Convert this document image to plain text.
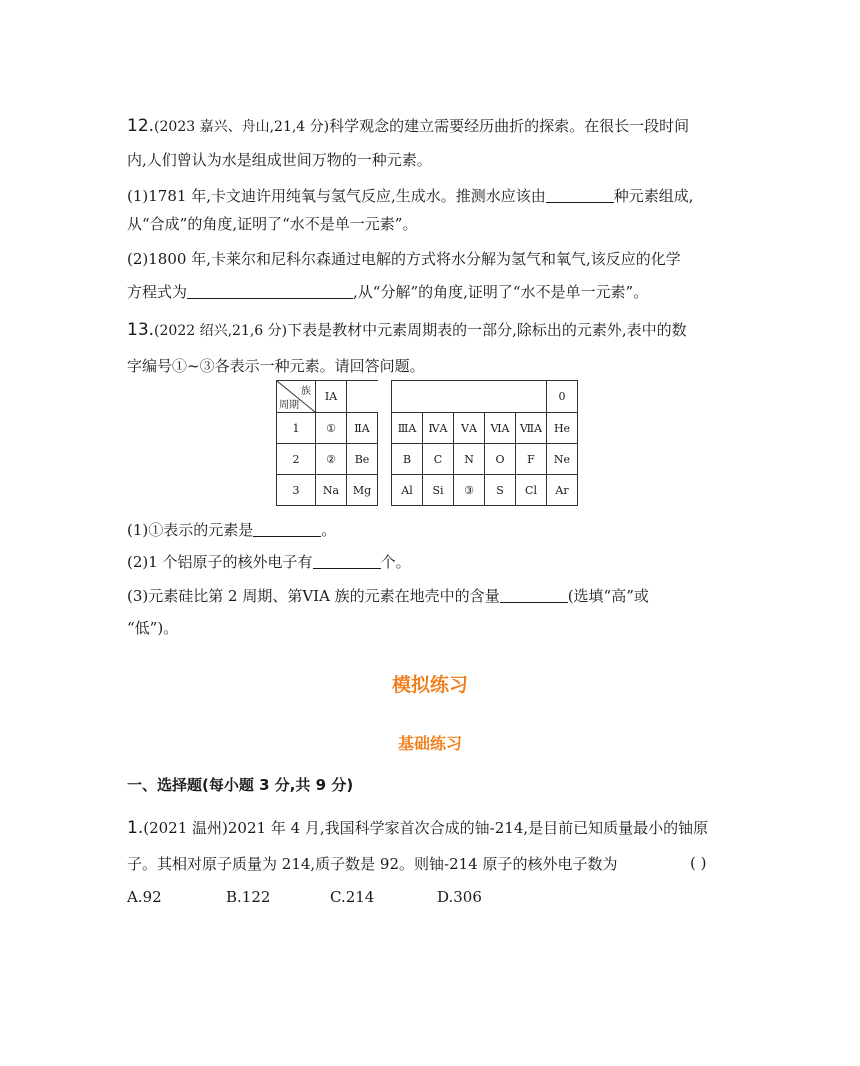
12.(2023 嘉兴、舟山,21,4 分)科学观念的建立需要经历曲折的探索。在很长一段时间
内,人们曾认为水是组成世间万物的一种元素。
(1)1781 年,卡文迪许用纯氧与氢气反应,生成水。推测水应该由	种元素组成,
从“合成”的角度,证明了“水不是单一元素”。
(2)1800 年,卡莱尔和尼科尔森通过电解的方式将水分解为氢气和氧气,该反应的化学
方程式为	,从“分解”的角度,证明了“水不是单一元素”。
13.(2022 绍兴,21,6 分)下表是教材中元素周期表的一部分,除标出的元素外,表中的数
字编号①~③各表示一种元素。请回答问题。
族
周期	ⅠA								0
1	①	ⅡA		ⅢA	ⅣA	ⅤA	ⅥA	ⅦA	He
2	②	Be		B	C	N	O	F	Ne
3	Na	Mg		Al	Si	③	S	Cl	Ar
(1)①表示的元素是	。
(2)1 个铝原子的核外电子有	个。
(3)元素硅比第 2 周期、第VIA 族的元素在地壳中的含量	(选填“高”或
“低”)。
模拟练习
基础练习
一、选择题(每小题 3 分,共 9 分)
1.(2021 温州)2021 年 4 月,我国科学家首次合成的铀-214,是目前已知质量最小的铀原
子。其相对原子质量为 214,质子数是 92。则铀-214 原子的核外电子数为	( )
A.92	B.122	C.214	D.306
